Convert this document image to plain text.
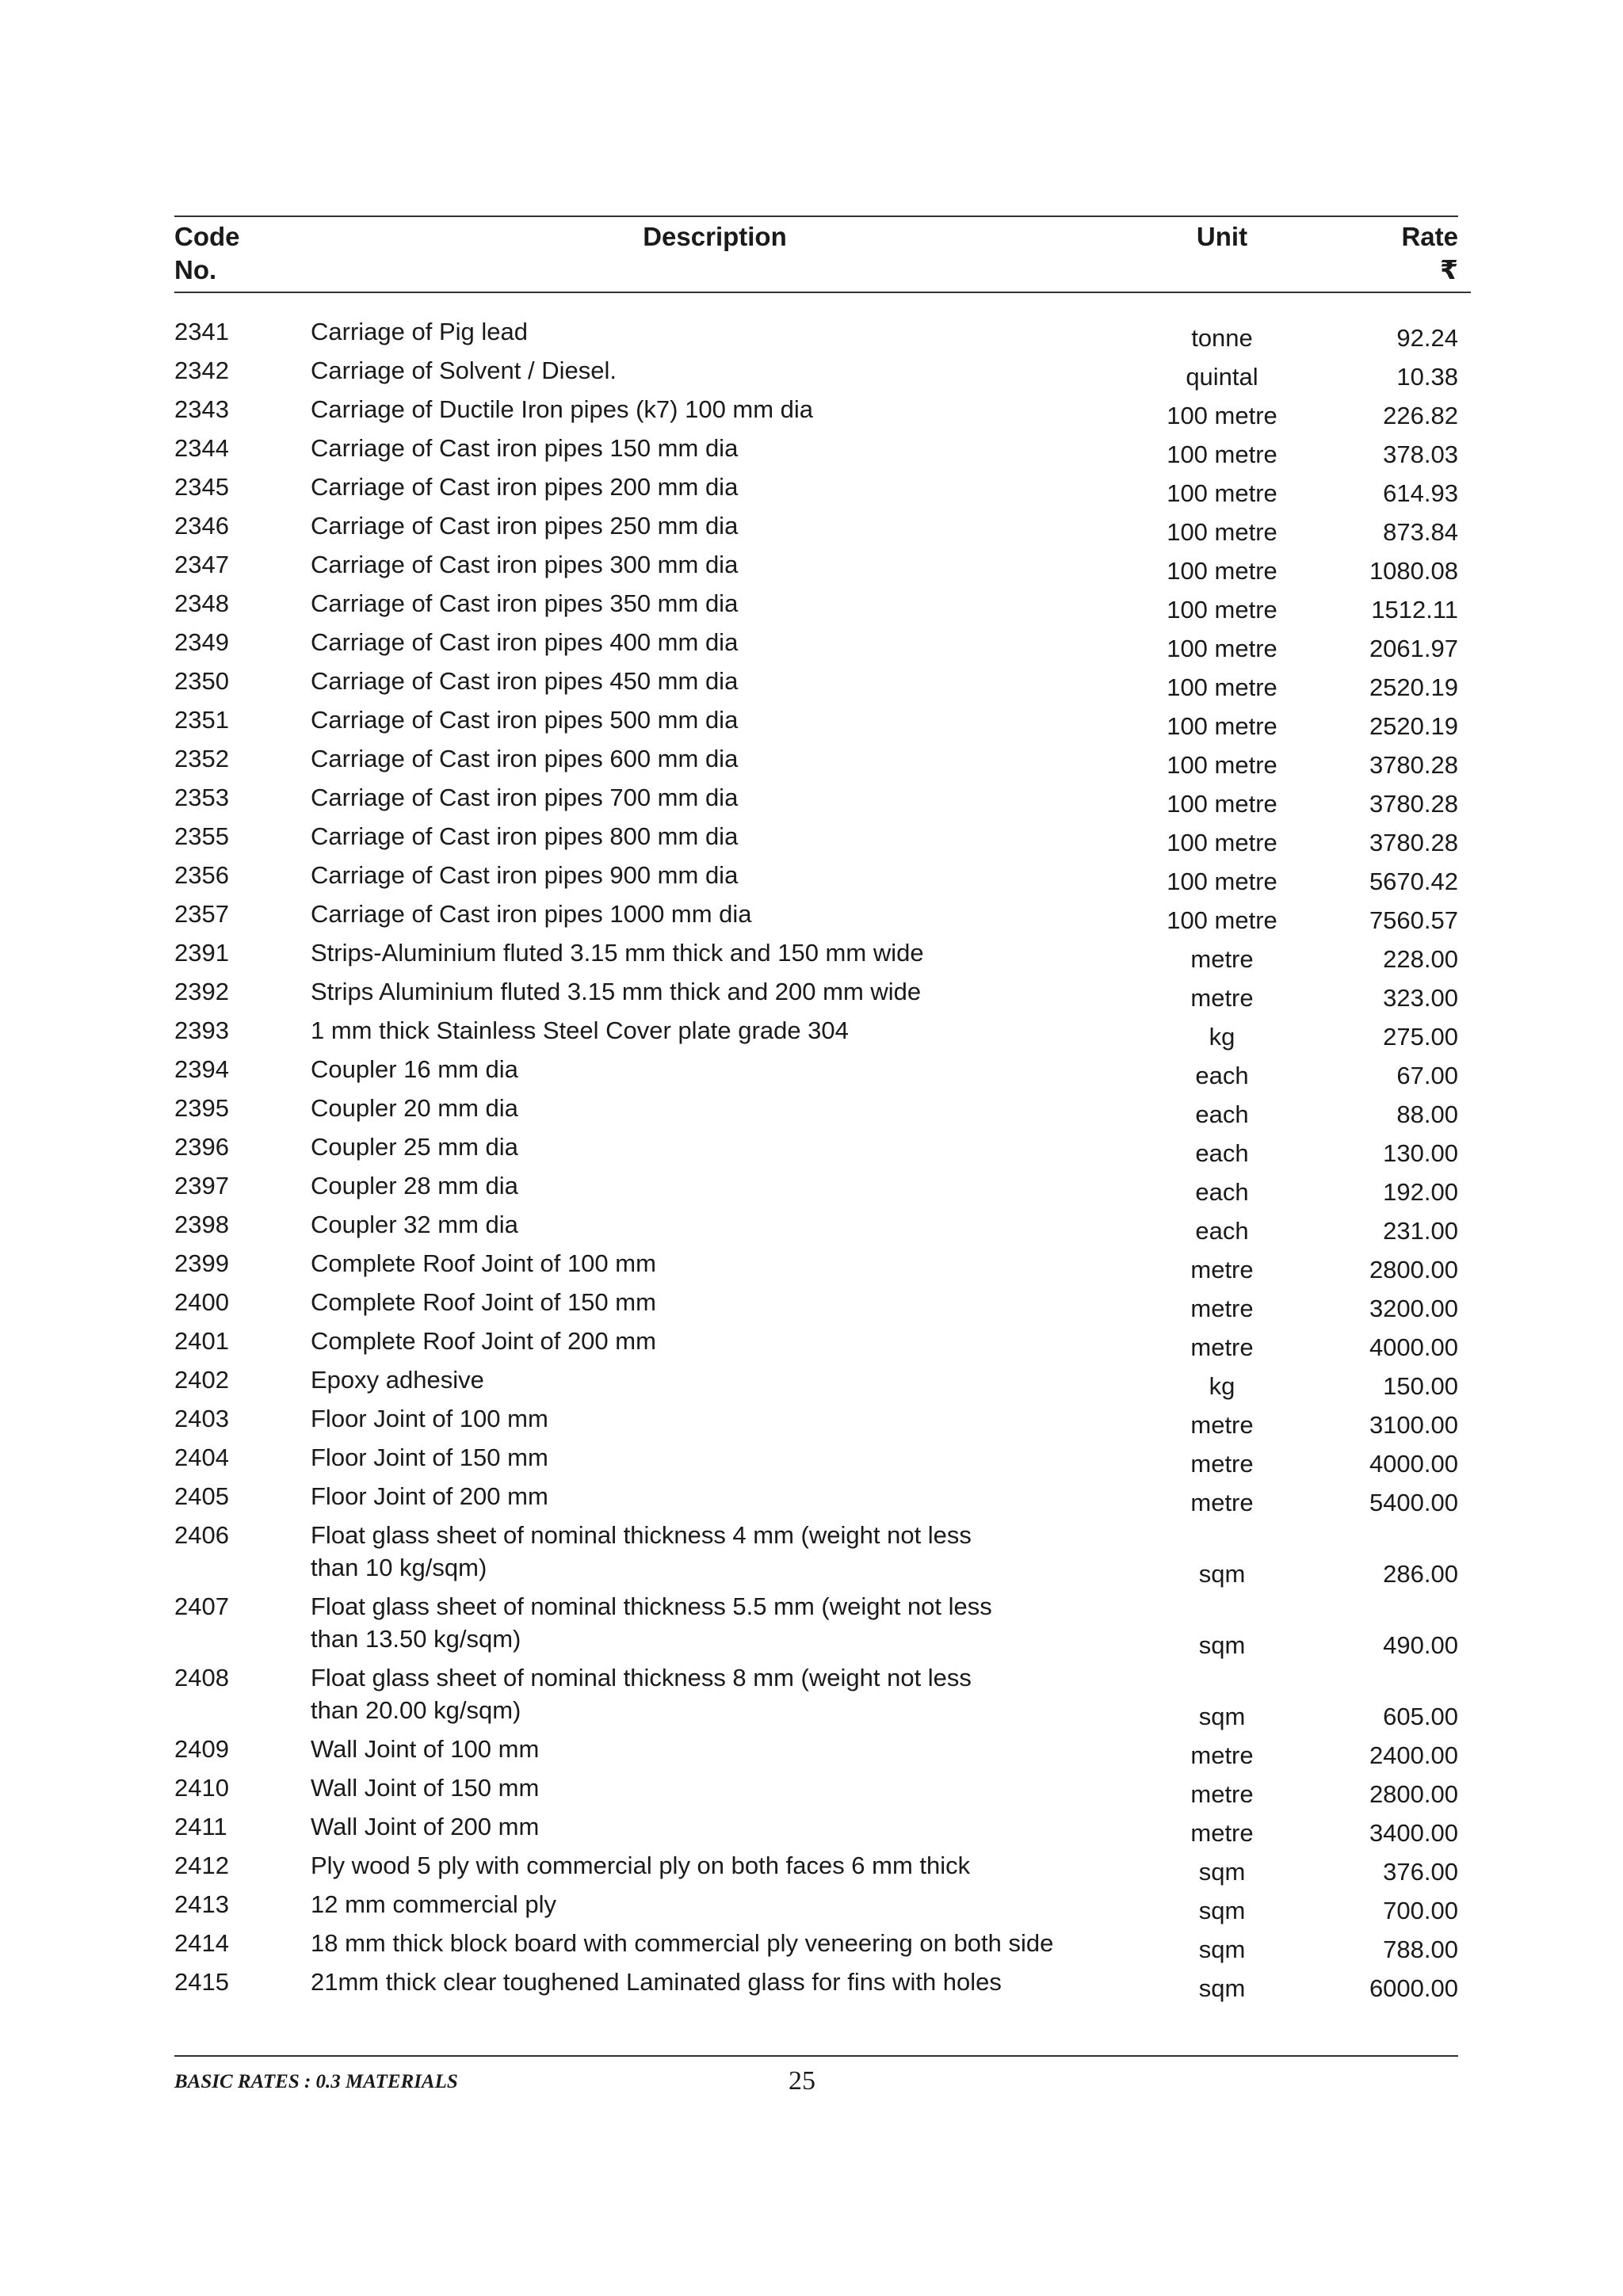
Code
No.	Description	Unit	Rate
₹

2341	Carriage of Pig lead	tonne	92.24
2342	Carriage of Solvent / Diesel.	quintal	10.38
2343	Carriage of Ductile Iron pipes (k7) 100 mm dia	100 metre	226.82
2344	Carriage of Cast iron pipes 150 mm dia	100 metre	378.03
2345	Carriage of Cast iron pipes 200 mm dia	100 metre	614.93
2346	Carriage of Cast iron pipes 250 mm dia	100 metre	873.84
2347	Carriage of Cast iron pipes 300 mm dia	100 metre	1080.08
2348	Carriage of Cast iron pipes 350 mm dia	100 metre	1512.11
2349	Carriage of Cast iron pipes 400 mm dia	100 metre	2061.97
2350	Carriage of Cast iron pipes 450 mm dia	100 metre	2520.19
2351	Carriage of Cast iron pipes 500 mm dia	100 metre	2520.19
2352	Carriage of Cast iron pipes 600 mm dia	100 metre	3780.28
2353	Carriage of Cast iron pipes 700 mm dia	100 metre	3780.28
2355	Carriage of Cast iron pipes 800 mm dia	100 metre	3780.28
2356	Carriage of Cast iron pipes 900 mm dia	100 metre	5670.42
2357	Carriage of Cast iron pipes 1000 mm dia	100 metre	7560.57
2391	Strips-Aluminium fluted 3.15 mm thick and 150 mm wide	metre	228.00
2392	Strips Aluminium fluted 3.15 mm thick and 200 mm wide	metre	323.00
2393	1 mm thick Stainless Steel Cover plate grade 304	kg	275.00
2394	Coupler 16 mm dia	each	67.00
2395	Coupler 20 mm dia	each	88.00
2396	Coupler 25 mm dia	each	130.00
2397	Coupler 28 mm dia	each	192.00
2398	Coupler 32 mm dia	each	231.00
2399	Complete Roof Joint of 100 mm	metre	2800.00
2400	Complete Roof Joint of 150 mm	metre	3200.00
2401	Complete Roof Joint of 200 mm	metre	4000.00
2402	Epoxy adhesive	kg	150.00
2403	Floor Joint of 100 mm	metre	3100.00
2404	Floor Joint of 150 mm	metre	4000.00
2405	Floor Joint of 200 mm	metre	5400.00
2406	Float glass sheet of nominal thickness 4 mm (weight not less
than 10 kg/sqm)	sqm	286.00
2407	Float glass sheet of nominal thickness 5.5 mm (weight not less
than 13.50 kg/sqm)	sqm	490.00
2408	Float glass sheet of nominal thickness 8 mm (weight not less
than 20.00 kg/sqm)	sqm	605.00
2409	Wall Joint of 100 mm	metre	2400.00
2410	Wall Joint of 150 mm	metre	2800.00
2411	Wall Joint of 200 mm	metre	3400.00
2412	Ply wood 5 ply with commercial ply on both faces 6 mm thick	sqm	376.00
2413	12 mm commercial ply	sqm	700.00
2414	18 mm thick block board with commercial ply veneering on both side	sqm	788.00
2415	21mm thick clear toughened Laminated glass for fins with holes	sqm	6000.00
BASIC RATES : 0.3 MATERIALS	25
